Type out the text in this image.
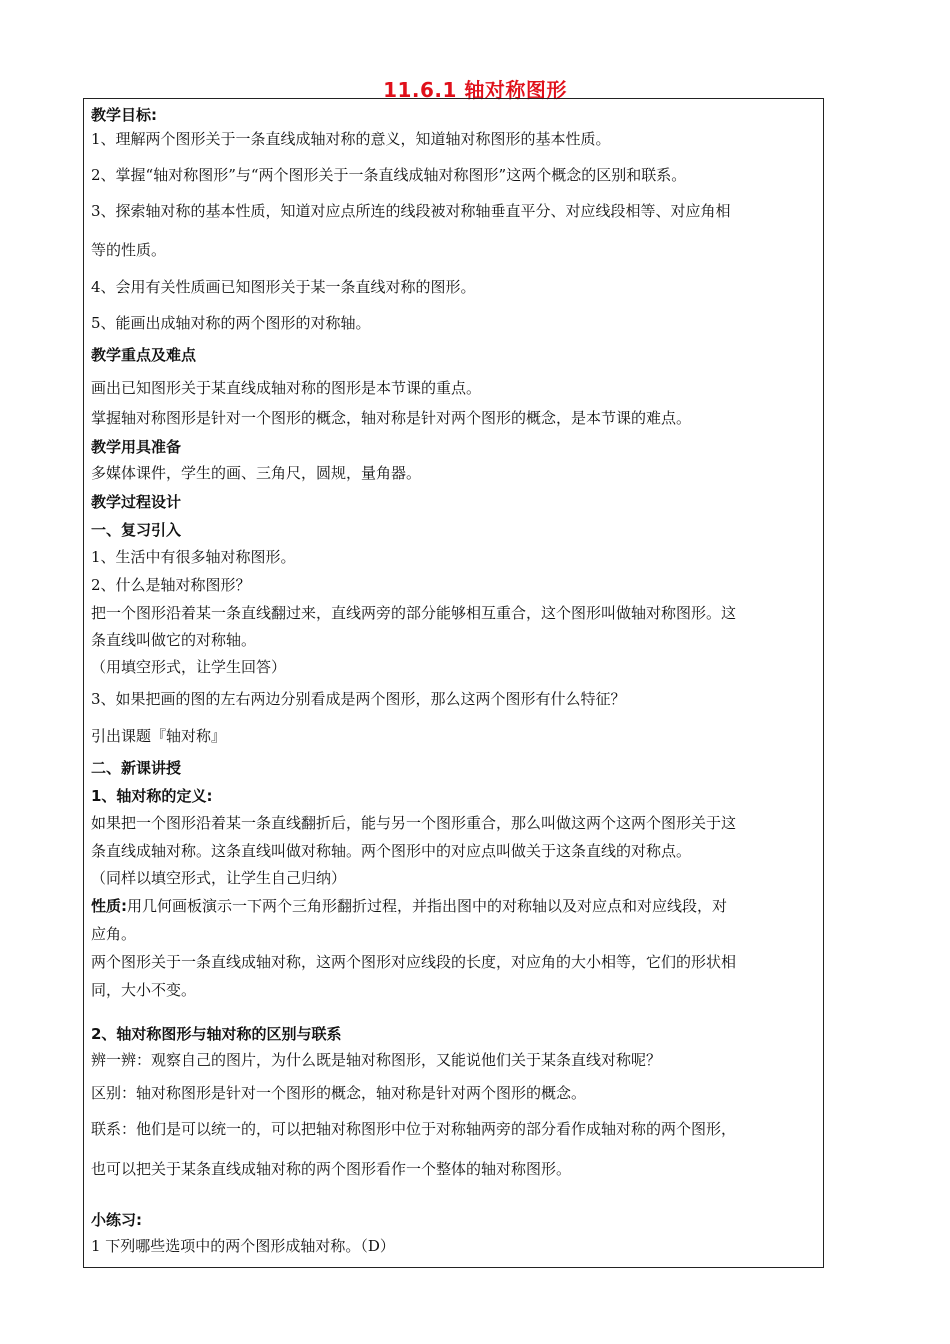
11.6.1 轴对称图形
教学目标:
1、理解两个图形关于一条直线成轴对称的意义，知道轴对称图形的基本性质。
2、掌握“轴对称图形”与“两个图形关于一条直线成轴对称图形”这两个概念的区别和联系。
3、探索轴对称的基本性质，知道对应点所连的线段被对称轴垂直平分、对应线段相等、对应角相
等的性质。
4、会用有关性质画已知图形关于某一条直线对称的图形。
5、能画出成轴对称的两个图形的对称轴。
教学重点及难点
画出已知图形关于某直线成轴对称的图形是本节课的重点。
掌握轴对称图形是针对一个图形的概念，轴对称是针对两个图形的概念，是本节课的难点。
教学用具准备
多媒体课件，学生的画、三角尺，圆规，量角器。
教学过程设计
一、复习引入
1、生活中有很多轴对称图形。
2、什么是轴对称图形？
把一个图形沿着某一条直线翻过来，直线两旁的部分能够相互重合，这个图形叫做轴对称图形。这
条直线叫做它的对称轴。
（用填空形式，让学生回答）
3、如果把画的图的左右两边分别看成是两个图形，那么这两个图形有什么特征？
引出课题『轴对称』
二、新课讲授
1、轴对称的定义:
如果把一个图形沿着某一条直线翻折后，能与另一个图形重合，那么叫做这两个这两个图形关于这
条直线成轴对称。这条直线叫做对称轴。两个图形中的对应点叫做关于这条直线的对称点。
（同样以填空形式，让学生自己归纳）
性质:用几何画板演示一下两个三角形翻折过程，并指出图中的对称轴以及对应点和对应线段，对
应角。
两个图形关于一条直线成轴对称，这两个图形对应线段的长度，对应角的大小相等，它们的形状相
同，大小不变。
2、轴对称图形与轴对称的区别与联系
辨一辨：观察自己的图片，为什么既是轴对称图形，又能说他们关于某条直线对称呢？
区别：轴对称图形是针对一个图形的概念，轴对称是针对两个图形的概念。
联系：他们是可以统一的，可以把轴对称图形中位于对称轴两旁的部分看作成轴对称的两个图形，
也可以把关于某条直线成轴对称的两个图形看作一个整体的轴对称图形。
小练习:
1 下列哪些选项中的两个图形成轴对称。（D）
